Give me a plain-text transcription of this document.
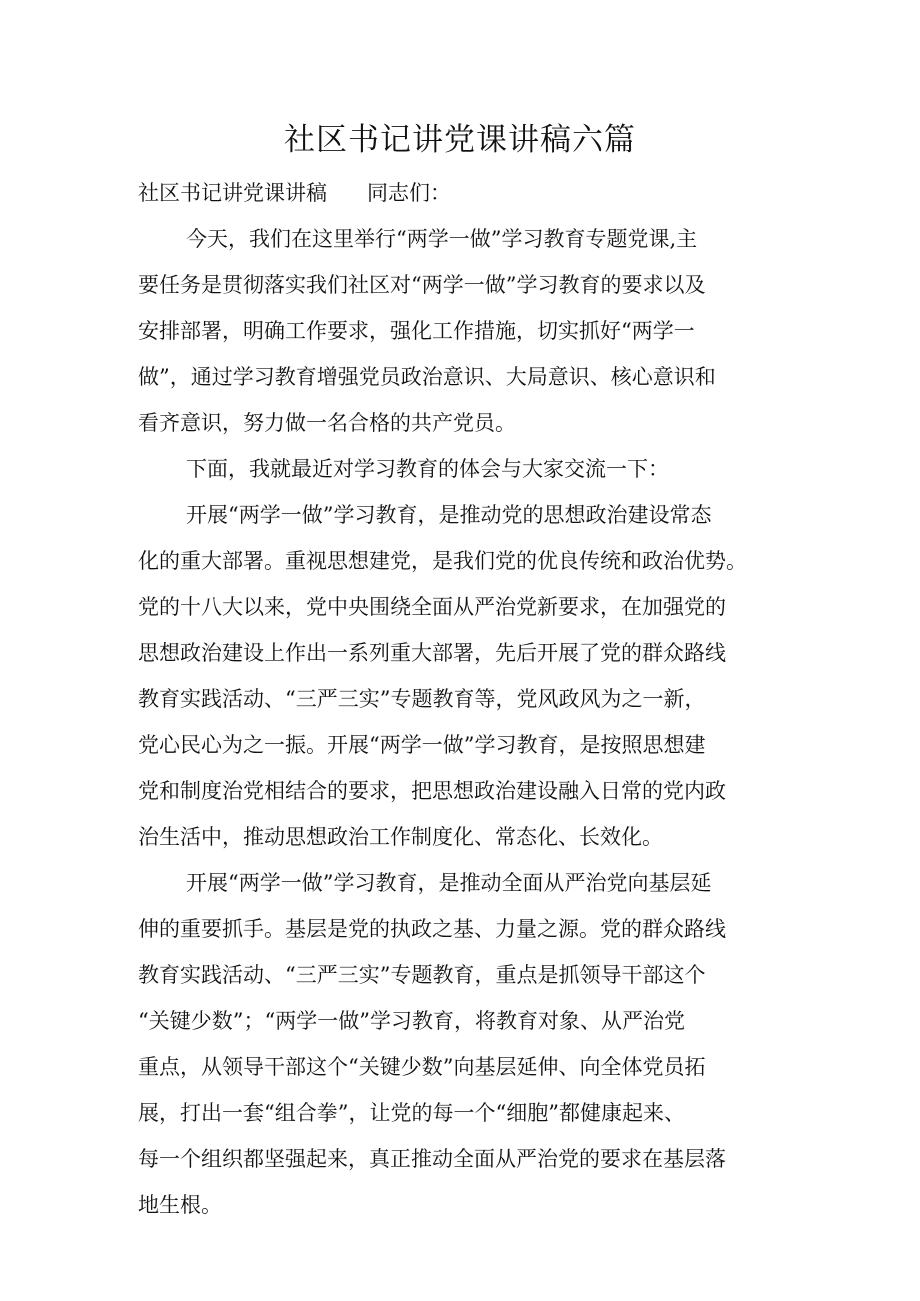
社区书记讲党课讲稿六篇
社区书记讲党课讲稿 同志们：
今天，我们在这里举行“两学一做”学习教育专题党课,主
要任务是贯彻落实我们社区对“两学一做”学习教育的要求以及
安排部署，明确工作要求，强化工作措施，切实抓好“两学一
做”，通过学习教育增强党员政治意识、大局意识、核心意识和
看齐意识，努力做一名合格的共产党员。
下面，我就最近对学习教育的体会与大家交流一下：
开展“两学一做”学习教育，是推动党的思想政治建设常态
化的重大部署。重视思想建党，是我们党的优良传统和政治优势。
党的十八大以来，党中央围绕全面从严治党新要求，在加强党的
思想政治建设上作出一系列重大部署，先后开展了党的群众路线
教育实践活动、“三严三实”专题教育等，党风政风为之一新，
党心民心为之一振。开展“两学一做”学习教育，是按照思想建
党和制度治党相结合的要求，把思想政治建设融入日常的党内政
治生活中，推动思想政治工作制度化、常态化、长效化。
开展“两学一做”学习教育，是推动全面从严治党向基层延
伸的重要抓手。基层是党的执政之基、力量之源。党的群众路线
教育实践活动、“三严三实”专题教育，重点是抓领导干部这个
“关键少数”；“两学一做”学习教育，将教育对象、从严治党
重点，从领导干部这个“关键少数”向基层延伸、向全体党员拓
展，打出一套“组合拳”，让党的每一个“细胞”都健康起来、
每一个组织都坚强起来，真正推动全面从严治党的要求在基层落
地生根。
